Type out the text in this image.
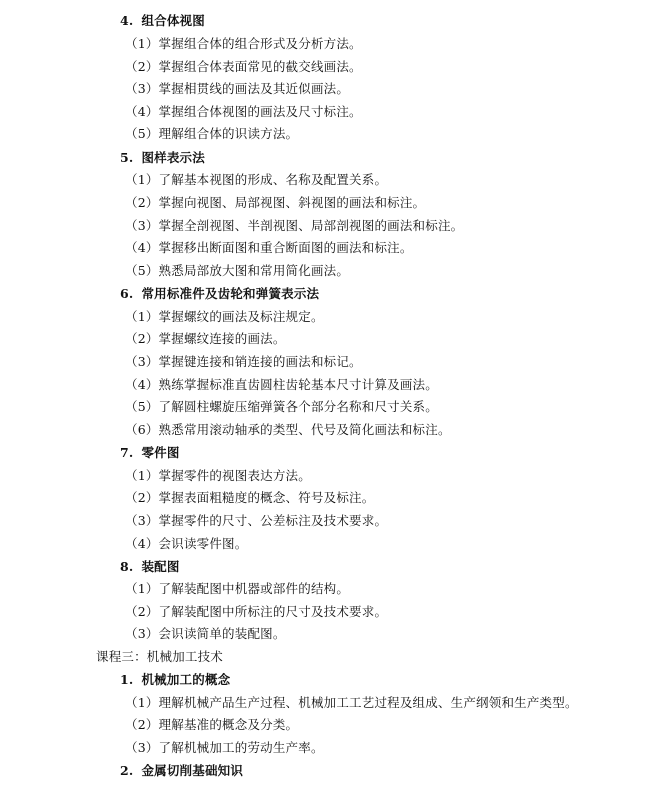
4. 组合体视图
（1）掌握组合体的组合形式及分析方法。
（2）掌握组合体表面常见的截交线画法。
（3）掌握相贯线的画法及其近似画法。
（4）掌握组合体视图的画法及尺寸标注。
（5）理解组合体的识读方法。
5. 图样表示法
（1）了解基本视图的形成、名称及配置关系。
（2）掌握向视图、局部视图、斜视图的画法和标注。
（3）掌握全剖视图、半剖视图、局部剖视图的画法和标注。
（4）掌握移出断面图和重合断面图的画法和标注。
（5）熟悉局部放大图和常用简化画法。
6. 常用标准件及齿轮和弹簧表示法
（1）掌握螺纹的画法及标注规定。
（2）掌握螺纹连接的画法。
（3）掌握键连接和销连接的画法和标记。
（4）熟练掌握标准直齿圆柱齿轮基本尺寸计算及画法。
（5）了解圆柱螺旋压缩弹簧各个部分名称和尺寸关系。
（6）熟悉常用滚动轴承的类型、代号及简化画法和标注。
7. 零件图
（1）掌握零件的视图表达方法。
（2）掌握表面粗糙度的概念、符号及标注。
（3）掌握零件的尺寸、公差标注及技术要求。
（4）会识读零件图。
8. 装配图
（1）了解装配图中机器或部件的结构。
（2）了解装配图中所标注的尺寸及技术要求。
（3）会识读简单的装配图。
课程三：机械加工技术
1. 机械加工的概念
（1）理解机械产品生产过程、机械加工工艺过程及组成、生产纲领和生产类型。
（2）理解基准的概念及分类。
（3）了解机械加工的劳动生产率。
2. 金属切削基础知识
